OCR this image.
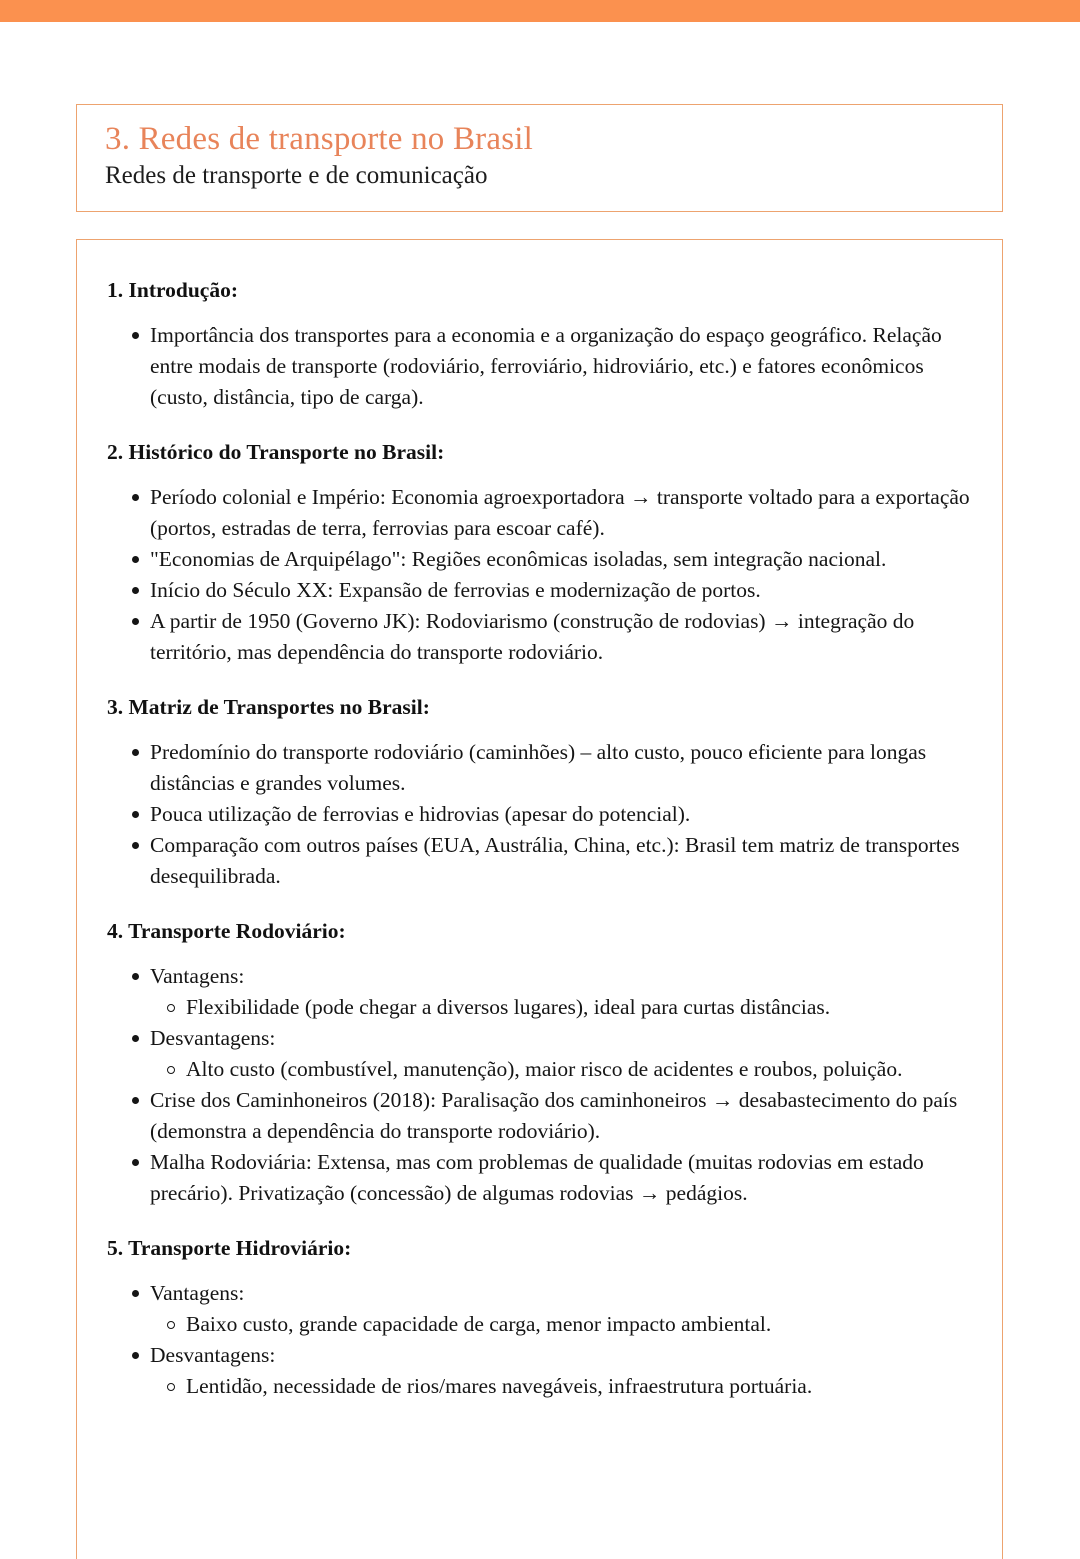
3. Redes de transporte no Brasil
Redes de transporte e de comunicação
1. Introdução:
Importância dos transportes para a economia e a organização do espaço geográfico. Relação entre modais de transporte (rodoviário, ferroviário, hidroviário, etc.) e fatores econômicos (custo, distância, tipo de carga).
2. Histórico do Transporte no Brasil:
Período colonial e Império: Economia agroexportadora → transporte voltado para a exportação (portos, estradas de terra, ferrovias para escoar café).
"Economias de Arquipélago": Regiões econômicas isoladas, sem integração nacional.
Início do Século XX: Expansão de ferrovias e modernização de portos.
A partir de 1950 (Governo JK): Rodoviarismo (construção de rodovias) → integração do território, mas dependência do transporte rodoviário.
3. Matriz de Transportes no Brasil:
Predomínio do transporte rodoviário (caminhões) – alto custo, pouco eficiente para longas distâncias e grandes volumes.
Pouca utilização de ferrovias e hidrovias (apesar do potencial).
Comparação com outros países (EUA, Austrália, China, etc.): Brasil tem matriz de transportes desequilibrada.
4. Transporte Rodoviário:
Vantagens:
Flexibilidade (pode chegar a diversos lugares), ideal para curtas distâncias.
Desvantagens:
Alto custo (combustível, manutenção), maior risco de acidentes e roubos, poluição.
Crise dos Caminhoneiros (2018): Paralisação dos caminhoneiros → desabastecimento do país (demonstra a dependência do transporte rodoviário).
Malha Rodoviária: Extensa, mas com problemas de qualidade (muitas rodovias em estado precário). Privatização (concessão) de algumas rodovias → pedágios.
5. Transporte Hidroviário:
Vantagens:
Baixo custo, grande capacidade de carga, menor impacto ambiental.
Desvantagens:
Lentidão, necessidade de rios/mares navegáveis, infraestrutura portuária.
